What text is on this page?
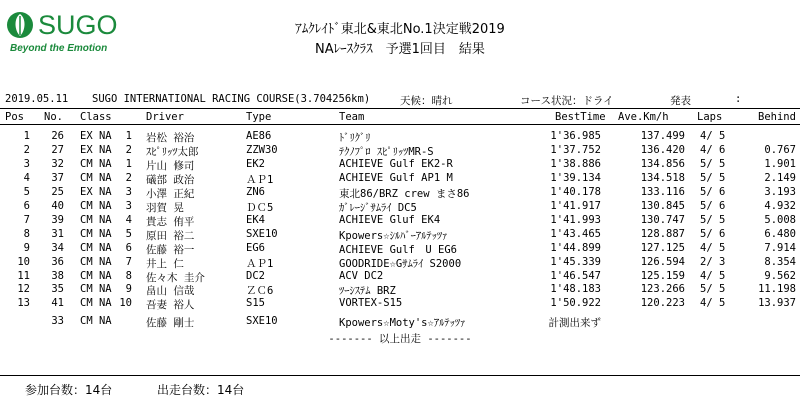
SUGO
Beyond the Emotion
ｱﾑｸﾚｲﾄﾞ東北&東北No.1決定戦2019
NAﾚｰｽｸﾗｽ　予選1回目　結果
2019.05.11 SUGO INTERNATIONAL RACING COURSE(3.704256km)	天候：晴れ	コース状況：ドライ	発表	:
Pos No. Class	Driver	Type	Team	BestTime Ave.Km/h	Laps	Behind
1	26 EX NA	1 岩松 裕治	AE86	ﾄﾞﾘｸﾞﾘ	1'36.985	137.499 4/ 5
2	27 EX NA	2 ｽﾋﾟﾘｯﾂ太郎	ZZW30	ﾃｸﾉﾌﾟﾛ ｽﾋﾟﾘｯﾂMR-S	1'37.752	136.420 4/ 6	0.767
3	32 CM NA	1 片山 修司	EK2	ACHIEVE Gulf EK2-R	1'38.886	134.856 5/ 5	1.901
4	37 CM NA	2 礒部 政治	ＡＰ1	ACHIEVE Gulf AP1 M	1'39.134	134.518 5/ 5	2.149
5	25 EX NA	3 小澤 正紀	ZN6	東北86/BRZ crew まさ86	1'40.178	133.116 5/ 6	3.193
6	40 CM NA	3 羽賀 晃	ＤＣ5	ｶﾞﾚｰｼﾞｻﾑﾗｲ DC5	1'41.917	130.845 5/ 6	4.932
7	39 CM NA	4 貴志 侑平	EK4	ACHIEVE Gluf EK4	1'41.993	130.747 5/ 5	5.008
8	31 CM NA	5 原田 裕二	SXE10	Kpowers☆ｼﾙﾊﾞｰｱﾙﾃｯﾂｧ	1'43.465	128.887 5/ 6	6.480
9	34 CM NA	6 佐藤 裕一	EG6	ACHIEVE Gulf　U EG6	1'44.899	127.125 4/ 5	7.914
10	36 CM NA	7 井上 仁	ＡＰ1	GOODRIDE☆Gｻﾑﾗｲ S2000	1'45.339	126.594 2/ 3	8.354
11	38 CM NA	8 佐々木 圭介	DC2	ACV DC2	1'46.547	125.159 4/ 5	9.562
12	35 CM NA	9 畠山 信哉	ＺＣ6	ﾂｰｼｽﾃﾑ BRZ	1'48.183	123.266 5/ 5	11.198
13	41 CM NA 10 吾妻 裕人	S15	VORTEX-S15	1'50.922	120.223 4/ 5	13.937
33 CM NA	佐藤 剛士	SXE10	Kpowers☆Moty's☆ｱﾙﾃｯﾂｧ	計測出来ず
------- 以上出走 -------
参加台数：14台	出走台数：14台
